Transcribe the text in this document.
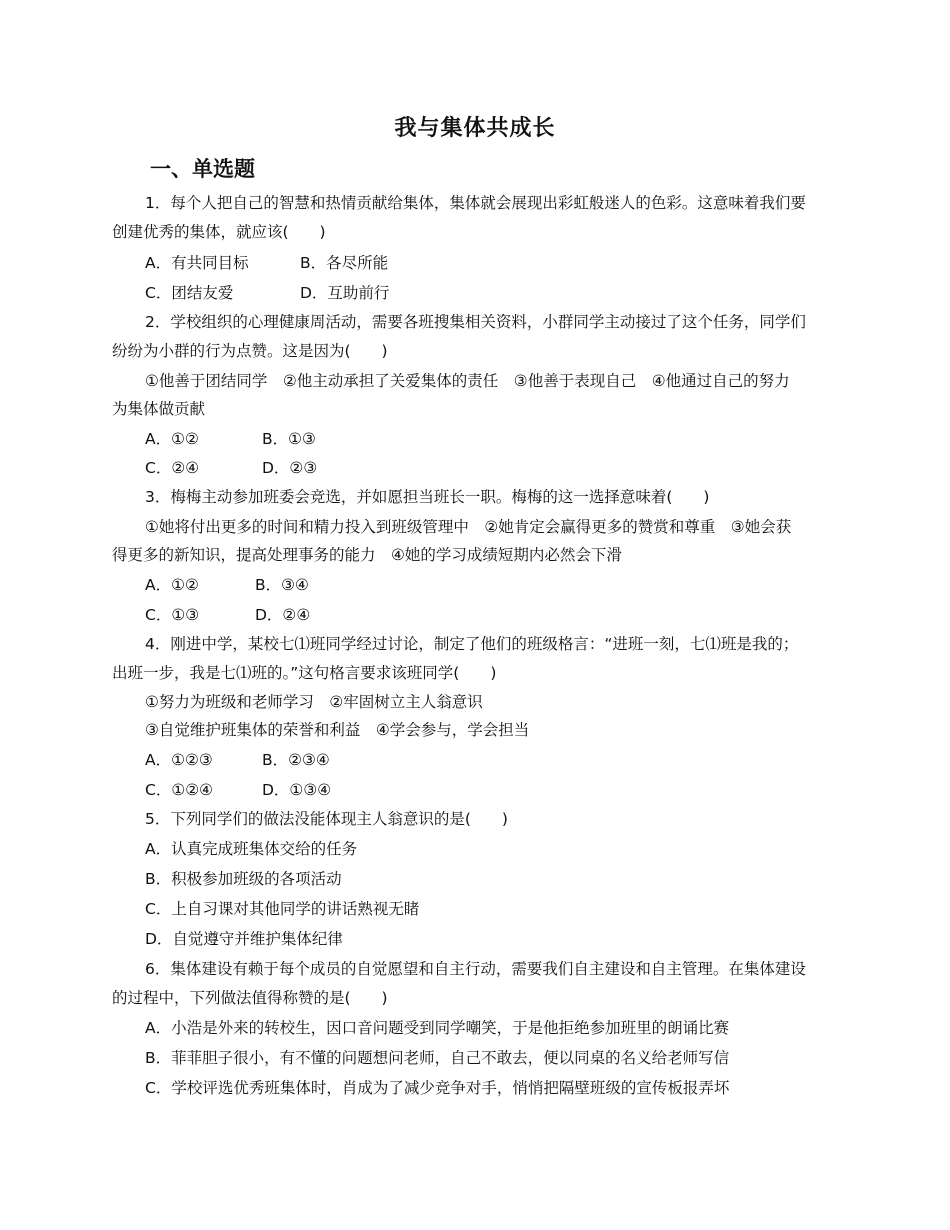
我与集体共成长
一、单选题
1．每个人把自己的智慧和热情贡献给集体，集体就会展现出彩虹般迷人的色彩。这意味着我们要
创建优秀的集体，就应该(　　)
A．有共同目标	B．各尽所能
C．团结友爱	D．互助前行
2．学校组织的心理健康周活动，需要各班搜集相关资料，小群同学主动接过了这个任务，同学们
纷纷为小群的行为点赞。这是因为(　　)
①他善于团结同学　②他主动承担了关爱集体的责任　③他善于表现自己　④他通过自己的努力
为集体做贡献
A．①②	B．①③
C．②④	D．②③
3．梅梅主动参加班委会竞选，并如愿担当班长一职。梅梅的这一选择意味着(　　)
①她将付出更多的时间和精力投入到班级管理中　②她肯定会赢得更多的赞赏和尊重　③她会获
得更多的新知识，提高处理事务的能力　④她的学习成绩短期内必然会下滑
A．①②	B．③④
C．①③	D．②④
4．刚进中学，某校七⑴班同学经过讨论，制定了他们的班级格言：“进班一刻，七⑴班是我的；
出班一步，我是七⑴班的。”这句格言要求该班同学(　　)
①努力为班级和老师学习　②牢固树立主人翁意识
③自觉维护班集体的荣誉和利益　④学会参与，学会担当
A．①②③	B．②③④
C．①②④	D．①③④
5．下列同学们的做法没能体现主人翁意识的是(　　)
A．认真完成班集体交给的任务
B．积极参加班级的各项活动
C．上自习课对其他同学的讲话熟视无睹
D．自觉遵守并维护集体纪律
6．集体建设有赖于每个成员的自觉愿望和自主行动，需要我们自主建设和自主管理。在集体建设
的过程中，下列做法值得称赞的是(　　)
A．小浩是外来的转校生，因口音问题受到同学嘲笑，于是他拒绝参加班里的朗诵比赛
B．菲菲胆子很小，有不懂的问题想问老师，自己不敢去，便以同桌的名义给老师写信
C．学校评选优秀班集体时，肖成为了减少竞争对手，悄悄把隔壁班级的宣传板报弄坏
